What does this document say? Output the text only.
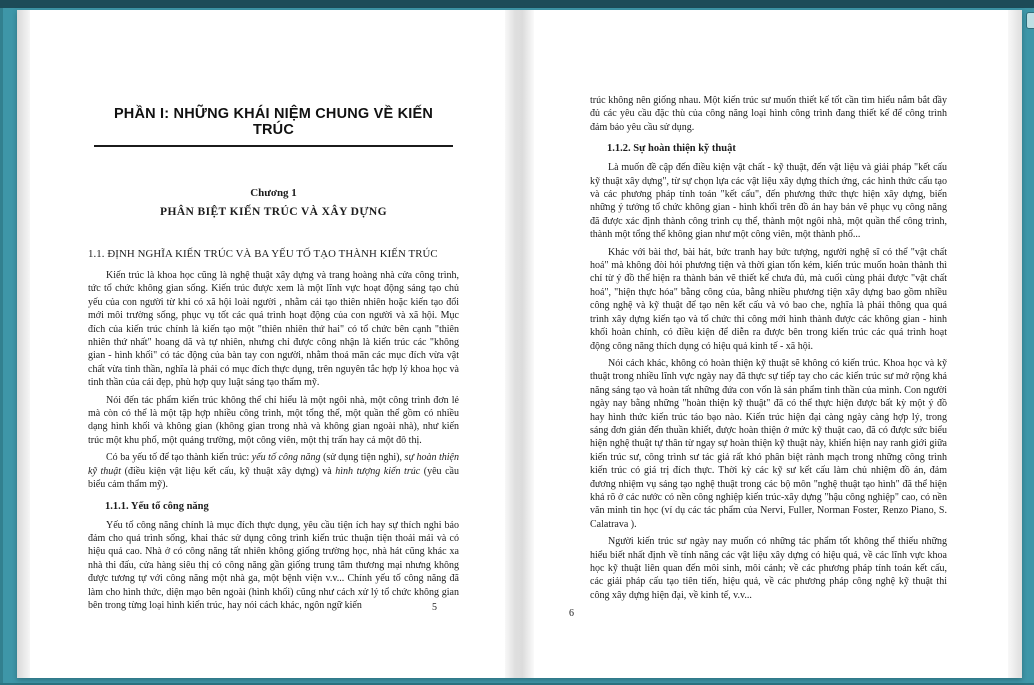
PHẦN I: NHỮNG KHÁI NIỆM CHUNG VỀ KIẾN TRÚC
Chương 1
PHÂN BIỆT KIẾN TRÚC VÀ XÂY DỰNG
1.1. ĐỊNH NGHĨA KIẾN TRÚC VÀ BA YẾU TỐ TẠO THÀNH KIẾN TRÚC
Kiến trúc là khoa học cũng là nghệ thuật xây dựng và trang hoàng nhà cửa công trình, tức tổ chức không gian sống. Kiến trúc được xem là một lĩnh vực hoạt động sáng tạo chủ yếu của con người từ khi có xã hội loài người , nhằm cải tạo thiên nhiên hoặc kiến tạo đổi mới môi trường sống, phục vụ tốt các quá trình hoạt động của con người và xã hội. Mục đích của kiến trúc chính là kiến tạo một "thiên nhiên thứ hai" có tổ chức bên cạnh "thiên nhiên thứ nhất" hoang dã và tự nhiên, nhưng chỉ được công nhận là kiến trúc các "không gian - hình khối" có tác động của bàn tay con người, nhằm thoả mãn các mục đích vừa vật chất vừa tinh thần, nghĩa là phải có mục đích thực dụng, trên nguyên tắc hợp lý khoa học và tinh thần của cái đẹp, phù hợp quy luật sáng tạo thẩm mỹ.
Nói đến tác phẩm kiến trúc không thể chỉ hiểu là một ngôi nhà, một công trình đơn lẻ mà còn có thể là một tập hợp nhiều công trình, một tổng thể, một quần thể gồm có nhiều dạng hình khối và không gian (không gian trong nhà và không gian ngoài nhà), như kiến trúc một khu phố, một quảng trường, một công viên, một thị trấn hay cả một đô thị.
Có ba yếu tố để tạo thành kiến trúc: yếu tố công năng (sử dụng tiện nghi), sự hoàn thiện kỹ thuật (điều kiện vật liệu kết cấu, kỹ thuật xây dựng) và hình tượng kiến trúc (yêu cầu biểu cảm thẩm mỹ).
1.1.1. Yếu tố công năng
Yếu tố công năng chính là mục đích thực dụng, yêu cầu tiện ích hay sự thích nghi bảo đảm cho quá trình sống, khai thác sử dụng công trình kiến trúc thuận tiện thoải mái và có hiệu quả cao. Nhà ở có công năng tất nhiên không giống trường học, nhà hát cũng khác xa nhà thi đấu, cửa hàng siêu thị có công năng gần giống trung tâm thương mại nhưng không được tương tự với công năng một nhà ga, một bệnh viện v.v... Chính yếu tố công năng đã làm cho hình thức, diện mạo bên ngoài (hình khối) cũng như cách xử lý tổ chức không gian bên trong từng loại hình kiến trúc, hay nói cách khác, ngôn ngữ kiến	5
trúc không nên giống nhau. Một kiến trúc sư muốn thiết kế tốt cần tìm hiểu nắm bắt đầy đủ các yêu cầu đặc thù của công năng loại hình công trình đang thiết kế để công trình đảm bảo yêu cầu sử dụng.
1.1.2. Sự hoàn thiện kỹ thuật
Là muốn đề cập đến điều kiện vật chất - kỹ thuật, đến vật liệu và giải pháp "kết cấu kỹ thuật xây dựng", từ sự chọn lựa các vật liệu xây dựng thích ứng, các hình thức cấu tạo và các phương pháp tính toán "kết cấu", đến phương thức thực hiện xây dựng, biến những ý tưởng tổ chức không gian - hình khối trên đồ án hay bản vẽ phục vụ công năng đã được xác định thành công trình cụ thể, thành một ngôi nhà, một quần thể công trình, thành một tổng thể không gian như một công viên, một thành phố...
Khác với bài thơ, bài hát, bức tranh hay bức tượng, người nghệ sĩ có thể "vật chất hoá" mà không đòi hỏi phương tiện và thời gian tốn kém, kiến trúc muốn hoàn thành thì chỉ từ ý đồ thể hiện ra thành bản vẽ thiết kế chưa đủ, mà cuối cùng phải được "vật chất hoá", "hiện thực hóa" bằng công của, bằng nhiều phương tiện xây dựng bao gồm nhiều công nghệ và kỹ thuật để tạo nên kết cấu và vỏ bao che, nghĩa là phải thông qua quá trình xây dựng kiến tạo và tổ chức thi công mới hình thành được các không gian - hình khối hoàn chỉnh, có điều kiện để diễn ra được bên trong kiến trúc các quá trình hoạt động công năng thích dụng có hiệu quả kinh tế - xã hội.
Nói cách khác, không có hoàn thiện kỹ thuật sẽ không có kiến trúc. Khoa học và kỹ thuật trong nhiều lĩnh vực ngày nay đã thực sự tiếp tay cho các kiến trúc sư mở rộng khả năng sáng tạo và hoàn tất những đứa con vốn là sản phẩm tinh thần của mình. Con người ngày nay bằng những "hoàn thiện kỹ thuật" đã có thể thực hiện được bất kỳ một ý đồ hay hình thức kiến trúc táo bạo nào. Kiến trúc hiện đại càng ngày càng hợp lý, trong sáng đơn giản đến thuần khiết, được hoàn thiện ở mức kỹ thuật cao, đã có được sức biểu hiện nghệ thuật tự thân từ ngay sự hoàn thiện kỹ thuật này, khiến hiện nay ranh giới giữa kiến trúc sư, công trình sư tác giả rất khó phân biệt rành mạch trong những công trình kiến trúc có giá trị đích thực. Thời kỳ các kỹ sư kết cấu làm chủ nhiệm đồ án, đảm đương nhiệm vụ sáng tạo nghệ thuật trong các bộ môn "nghệ thuật tạo hình" đã thể hiện khá rõ ở các nước có nền công nghiệp kiến trúc-xây dựng "hậu công nghiệp" cao, có nền văn minh tin học (ví dụ các tác phẩm của Nervi, Fuller, Norman Foster, Renzo Piano, S. Calatrava ).
Người kiến trúc sư ngày nay muốn có những tác phẩm tốt không thể thiếu những hiểu biết nhất định về tính năng các vật liệu xây dựng có hiệu quả, về các lĩnh vực khoa học kỹ thuật liên quan đến môi sinh, môi cảnh; về các phương pháp tính toán kết cấu, các giải pháp cấu tạo tiên tiến, hiệu quả, về các phương pháp công nghệ kỹ thuật thi công xây dựng hiện đại, về kinh tế, v.v...
6
